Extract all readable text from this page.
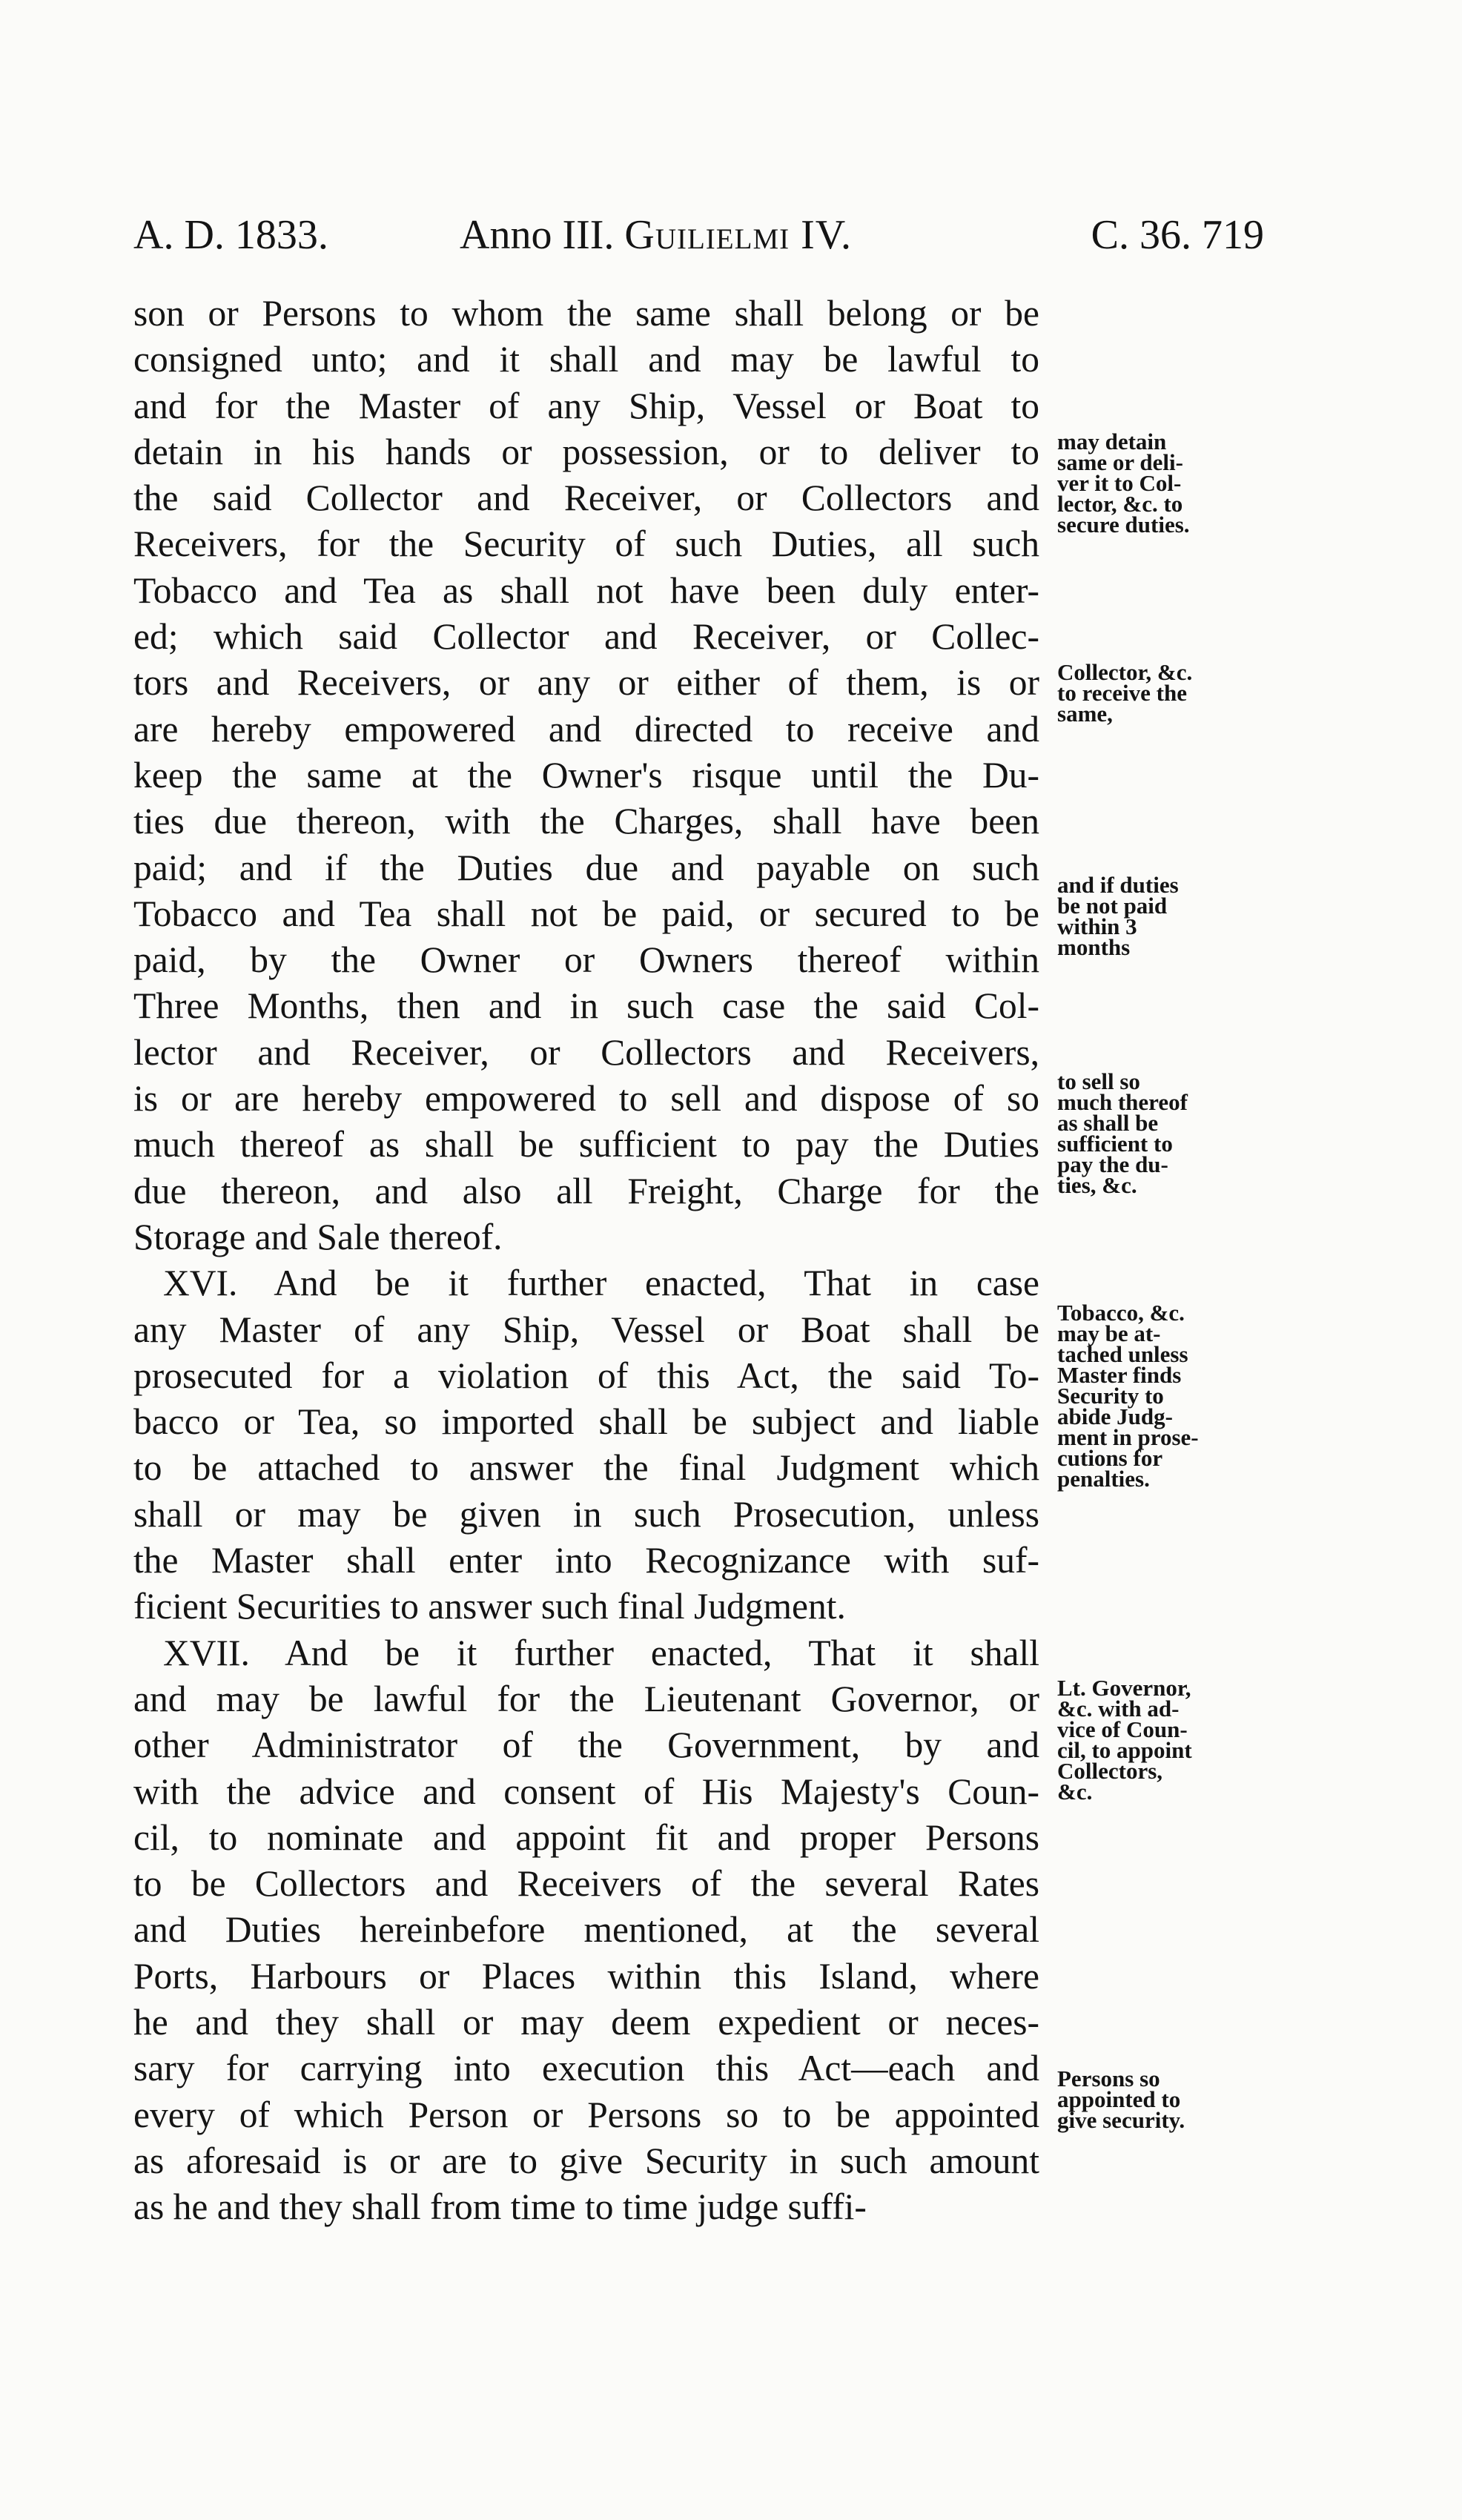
A. D. 1833.	Anno III. Guilielmi IV.	C. 36. 719
son or Persons to whom the same shall belong or be
consigned unto; and it shall and may be lawful to
and for the Master of any Ship, Vessel or Boat to
detain in his hands or possession, or to deliver to
the said Collector and Receiver, or Collectors and
Receivers, for the Security of such Duties, all such
Tobacco and Tea as shall not have been duly enter-
ed; which said Collector and Receiver, or Collec-
tors and Receivers, or any or either of them, is or
are hereby empowered and directed to receive and
keep the same at the Owner's risque until the Du-
ties due thereon, with the Charges, shall have been
paid; and if the Duties due and payable on such
Tobacco and Tea shall not be paid, or secured to be
paid, by the Owner or Owners thereof within
Three Months, then and in such case the said Col-
lector and Receiver, or Collectors and Receivers,
is or are hereby empowered to sell and dispose of so
much thereof as shall be sufficient to pay the Duties
due thereon, and also all Freight, Charge for the
Storage and Sale thereof.
XVI. And be it further enacted, That in case
any Master of any Ship, Vessel or Boat shall be
prosecuted for a violation of this Act, the said To-
bacco or Tea, so imported shall be subject and liable
to be attached to answer the final Judgment which
shall or may be given in such Prosecution, unless
the Master shall enter into Recognizance with suf-
ficient Securities to answer such final Judgment.
XVII. And be it further enacted, That it shall
and may be lawful for the Lieutenant Governor, or
other Administrator of the Government, by and
with the advice and consent of His Majesty's Coun-
cil, to nominate and appoint fit and proper Persons
to be Collectors and Receivers of the several Rates
and Duties hereinbefore mentioned, at the several
Ports, Harbours or Places within this Island, where
he and they shall or may deem expedient or neces-
sary for carrying into execution this Act—each and
every of which Person or Persons so to be appointed
as aforesaid is or are to give Security in such amount
as he and they shall from time to time judge suffi-
may detain
same or deli-
ver it to Col-
lector, &c. to
secure duties.
Collector, &c.
to receive the
same,
and if duties
be not paid
within 3
months
to sell so
much thereof
as shall be
sufficient to
pay the du-
ties, &c.
Tobacco, &c.
may be at-
tached unless
Master finds
Security to
abide Judg-
ment in prose-
cutions for
penalties.
Lt. Governor,
&c. with ad-
vice of Coun-
cil, to appoint
Collectors,
&c.
Persons so
appointed to
give security.
